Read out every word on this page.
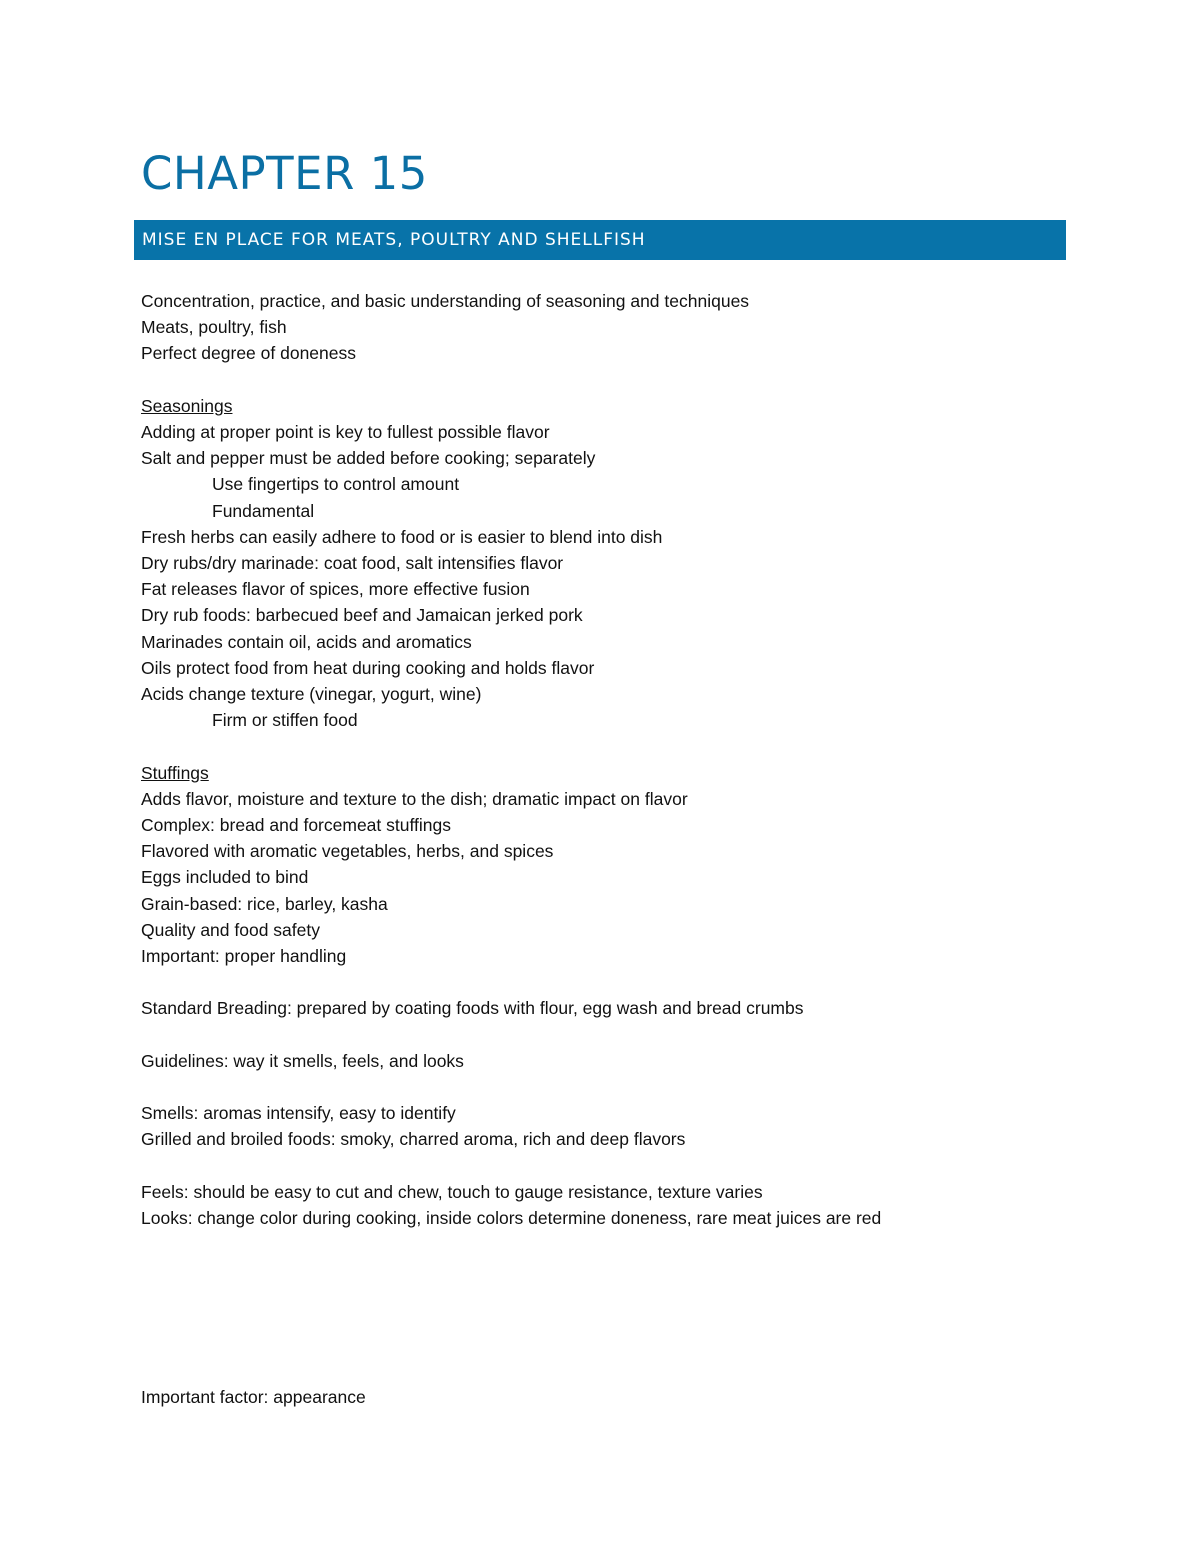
CHAPTER 15
MISE EN PLACE FOR MEATS, POULTRY AND SHELLFISH
Concentration, practice, and basic understanding of seasoning and techniques
Meats, poultry, fish
Perfect degree of doneness
Seasonings
Adding at proper point is key to fullest possible flavor
Salt and pepper must be added before cooking; separately
Use fingertips to control amount
Fundamental
Fresh herbs can easily adhere to food or is easier to blend into dish
Dry rubs/dry marinade: coat food, salt intensifies flavor
Fat releases flavor of spices, more effective fusion
Dry rub foods: barbecued beef and Jamaican jerked pork
Marinades contain oil, acids and aromatics
Oils protect food from heat during cooking and holds flavor
Acids change texture (vinegar, yogurt, wine)
Firm or stiffen food
Stuffings
Adds flavor, moisture and texture to the dish; dramatic impact on flavor
Complex: bread and forcemeat stuffings
Flavored with aromatic vegetables, herbs, and spices
Eggs included to bind
Grain-based: rice, barley, kasha
Quality and food safety
Important: proper handling
Standard Breading: prepared by coating foods with flour, egg wash and bread crumbs
Guidelines: way it smells, feels, and looks
Smells: aromas intensify, easy to identify
Grilled and broiled foods: smoky, charred aroma, rich and deep flavors
Feels: should be easy to cut and chew, touch to gauge resistance, texture varies
Looks: change color during cooking, inside colors determine doneness, rare meat juices are red
Important factor: appearance
